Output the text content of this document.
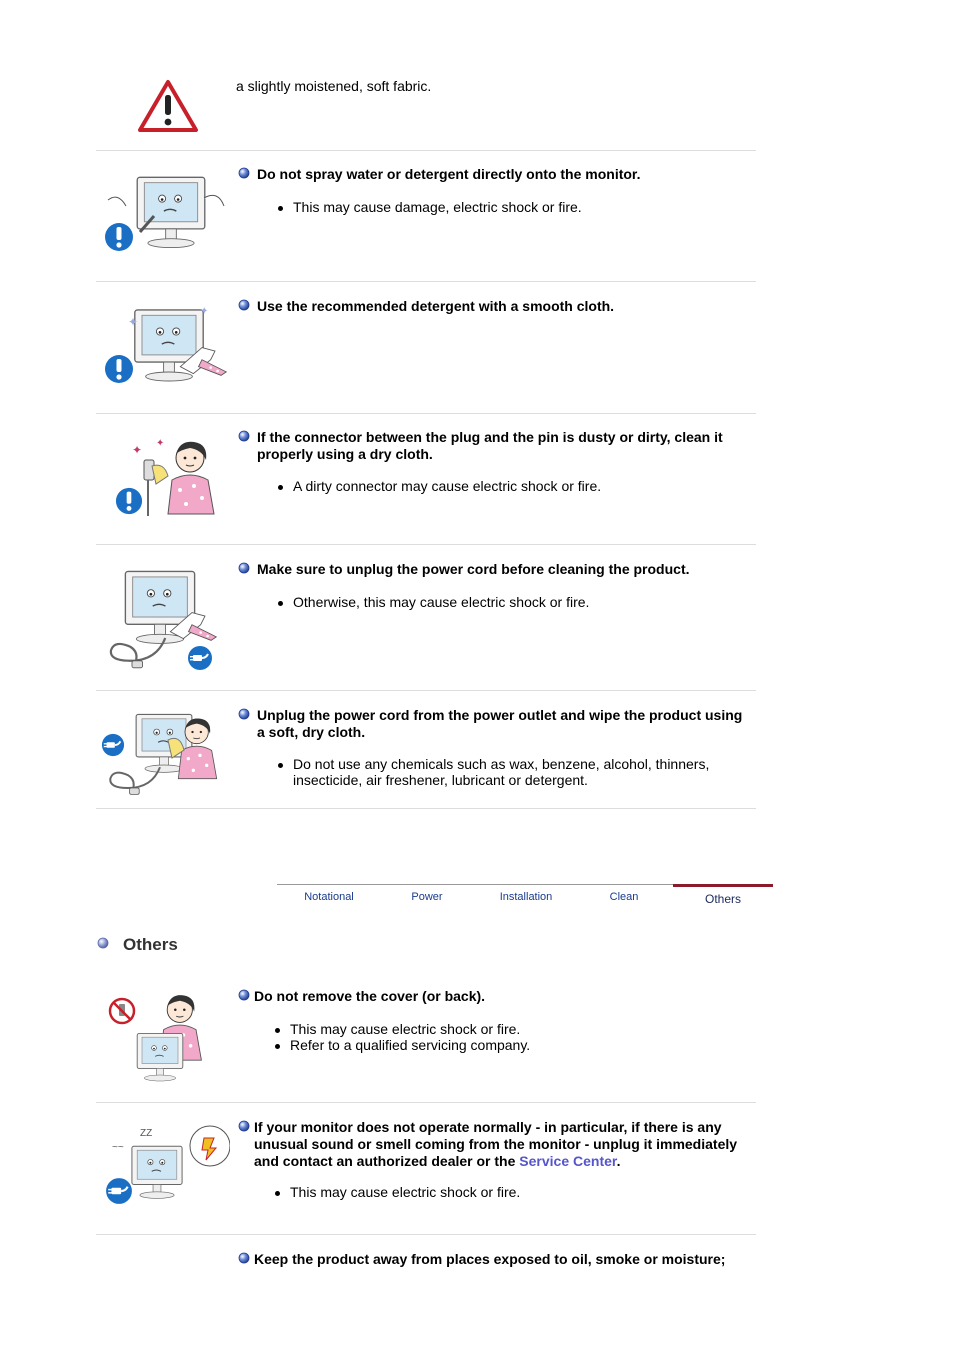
a slightly moistened, soft fabric.
Do not spray water or detergent directly onto the monitor.
This may cause damage, electric shock or fire.
✦
✦	Use the recommended detergent with a smooth cloth.
✦ ✦	If the connector between the plug and the pin is dusty or dirty, clean it properly using a dry cloth.
A dirty connector may cause electric shock or fire.
Make sure to unplug the power cord before cleaning the product.
Otherwise, this may cause electric shock or fire.
Unplug the power cord from the power outlet and wipe the product using a soft, dry cloth.
Do not use any chemicals such as wax, benzene, alcohol, thinners, insecticide, air freshener, lubricant or detergent.
Notational	Power	Installation	Clean	Others
Others
Do not remove the cover (or back).
This may cause electric shock or fire.
Refer to a qualified servicing company.
ZZ
~~
If your monitor does not operate normally - in particular, if there is any unusual sound or smell coming from the monitor - unplug it immediately and contact an authorized dealer or the Service Center.
This may cause electric shock or fire.
Keep the product away from places exposed to oil, smoke or moisture;
